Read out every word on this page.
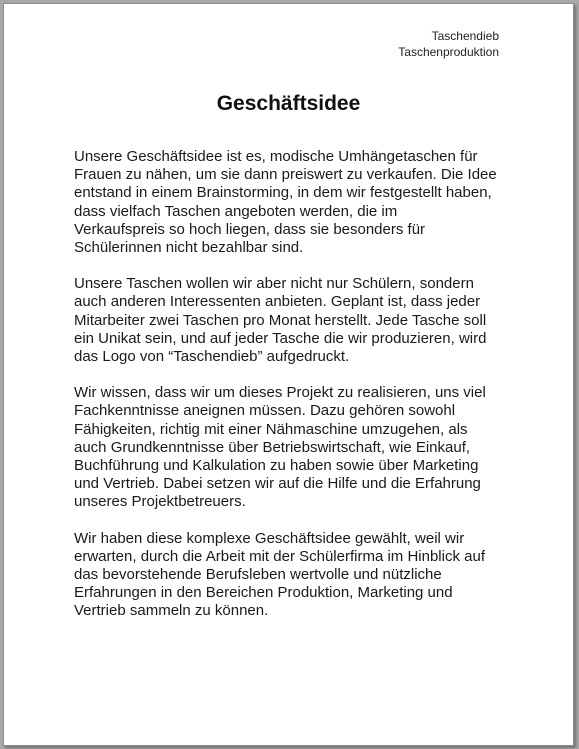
Taschendieb
Taschenproduktion
Geschäftsidee

Unsere Geschäftsidee ist es, modische Umhängetaschen für
Frauen zu nähen, um sie dann preiswert zu verkaufen. Die Idee
entstand in einem Brainstorming, in dem wir festgestellt haben,
dass vielfach Taschen angeboten werden, die im
Verkaufspreis so hoch liegen, dass sie besonders für
Schülerinnen nicht bezahlbar sind.

Unsere Taschen wollen wir aber nicht nur Schülern, sondern
auch anderen Interessenten anbieten. Geplant ist, dass jeder
Mitarbeiter zwei Taschen pro Monat herstellt. Jede Tasche soll
ein Unikat sein, und auf jeder Tasche die wir produzieren, wird
das Logo von “Taschendieb” aufgedruckt.

Wir wissen, dass wir um dieses Projekt zu realisieren, uns viel
Fachkenntnisse aneignen müssen. Dazu gehören sowohl
Fähigkeiten, richtig mit einer Nähmaschine umzugehen, als
auch Grundkenntnisse über Betriebswirtschaft, wie Einkauf,
Buchführung und Kalkulation zu haben sowie über Marketing
und Vertrieb. Dabei setzen wir auf die Hilfe und die Erfahrung
unseres Projektbetreuers.

Wir haben diese komplexe Geschäftsidee gewählt, weil wir
erwarten, durch die Arbeit mit der Schülerfirma im Hinblick auf
das bevorstehende Berufsleben wertvolle und nützliche
Erfahrungen in den Bereichen Produktion, Marketing und
Vertrieb sammeln zu können.
